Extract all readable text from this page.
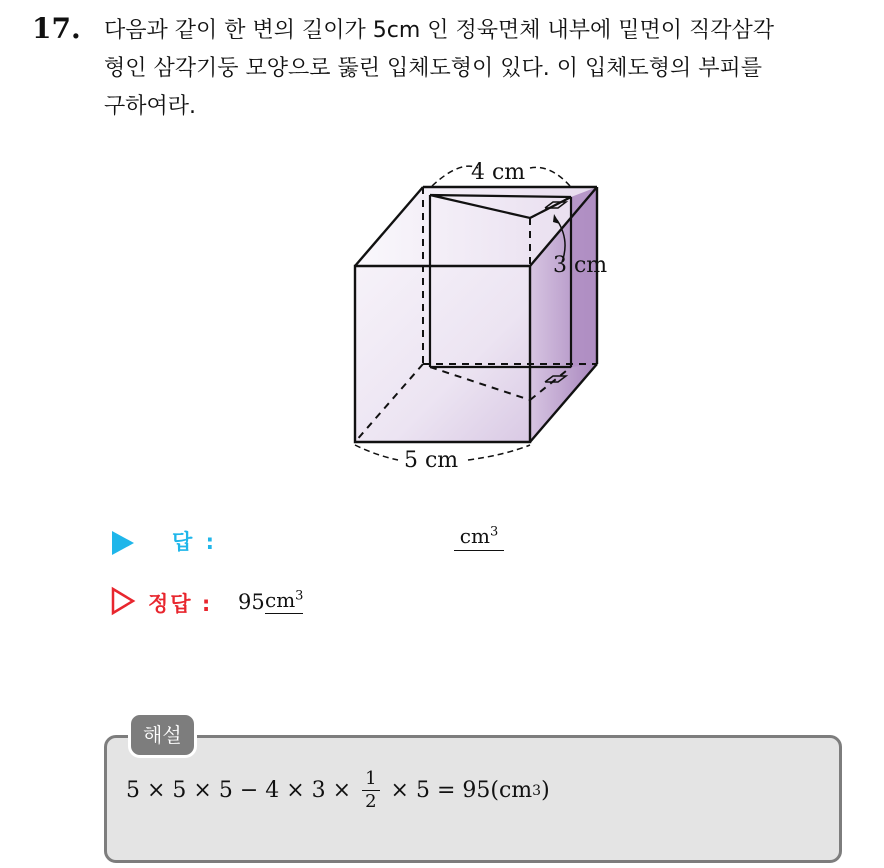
17. 다음과 같이 한 변의 길이가 5cm 인 정육면체 내부에 밑면이 직각삼각
형인 삼각기둥 모양으로 뚫린 입체도형이 있다. 이 입체도형의 부피를
구하여라.
4 cm
3 cm
5 cm
답 :	$cm^3$
정답 : 95 $cm^3$
해설
$5 \times 5 \times 5 - 4 \times 3 \times \frac{1}{2} \times 5 = 95(cm$ 3 )
